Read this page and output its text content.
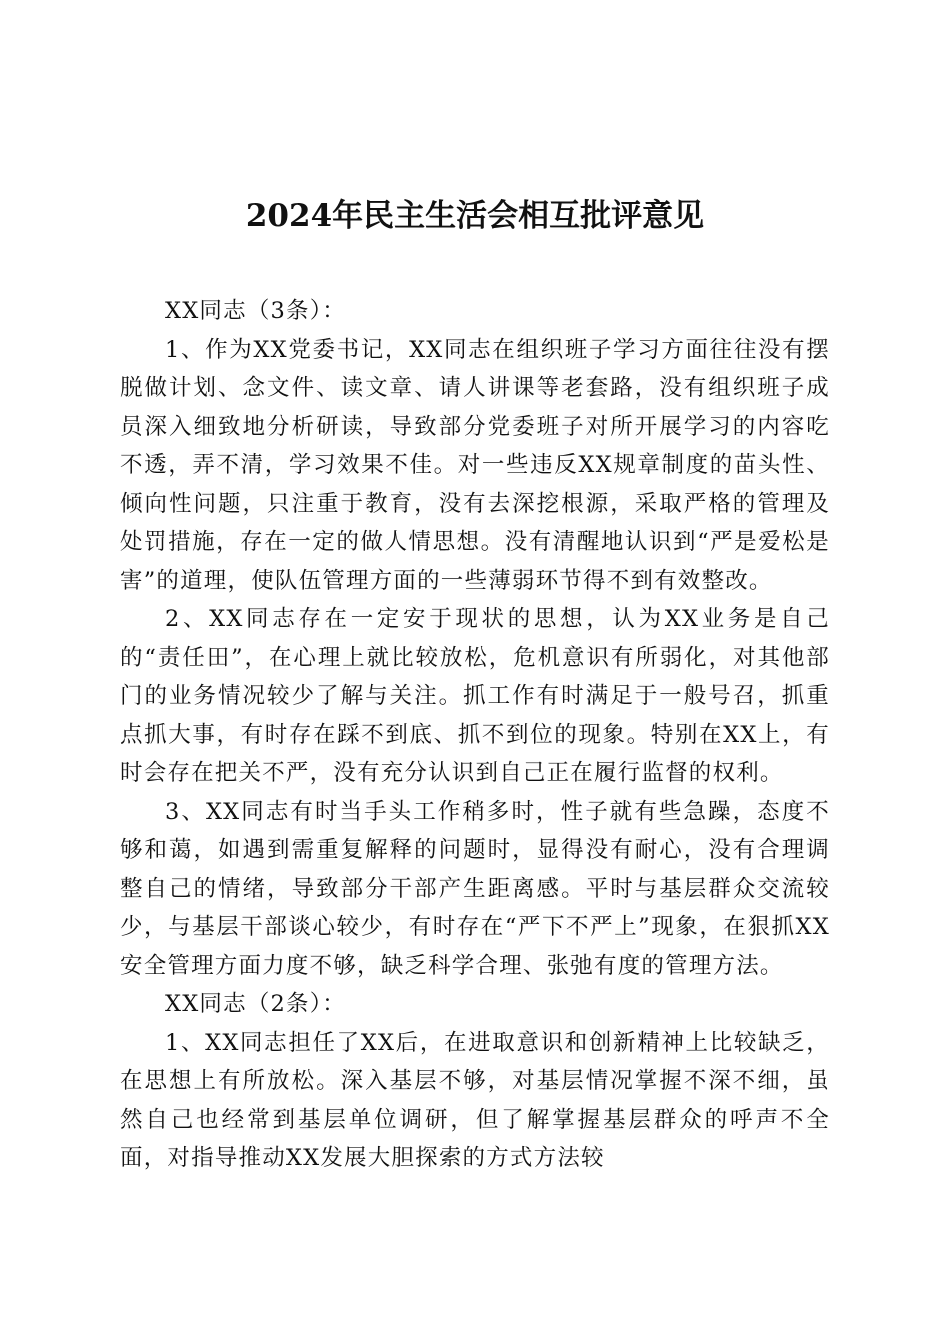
2024年民主生活会相互批评意见

XX同志（3条）：

1、作为XX党委书记，XX同志在组织班子学习方面往往没有摆脱做计划、念文件、读文章、请人讲课等老套路，没有组织班子成员深入细致地分析研读，导致部分党委班子对所开展学习的内容吃不透，弄不清，学习效果不佳。对一些违反XX规章制度的苗头性、倾向性问题，只注重于教育，没有去深挖根源，采取严格的管理及处罚措施，存在一定的做人情思想。没有清醒地认识到“严是爱松是害”的道理，使队伍管理方面的一些薄弱环节得不到有效整改。

2、XX同志存在一定安于现状的思想，认为XX业务是自己的“责任田”，在心理上就比较放松，危机意识有所弱化，对其他部门的业务情况较少了解与关注。抓工作有时满足于一般号召，抓重点抓大事，有时存在踩不到底、抓不到位的现象。特别在XX上，有时会存在把关不严，没有充分认识到自己正在履行监督的权利。

3、XX同志有时当手头工作稍多时，性子就有些急躁，态度不够和蔼，如遇到需重复解释的问题时，显得没有耐心，没有合理调整自己的情绪，导致部分干部产生距离感。平时与基层群众交流较少，与基层干部谈心较少，有时存在“严下不严上”现象，在狠抓XX安全管理方面力度不够，缺乏科学合理、张弛有度的管理方法。

XX同志（2条）：

1、XX同志担任了XX后，在进取意识和创新精神上比较缺乏，在思想上有所放松。深入基层不够，对基层情况掌握不深不细，虽然自己也经常到基层单位调研，但了解掌握基层群众的呼声不全面，对指导推动XX发展大胆探索的方式方法较
